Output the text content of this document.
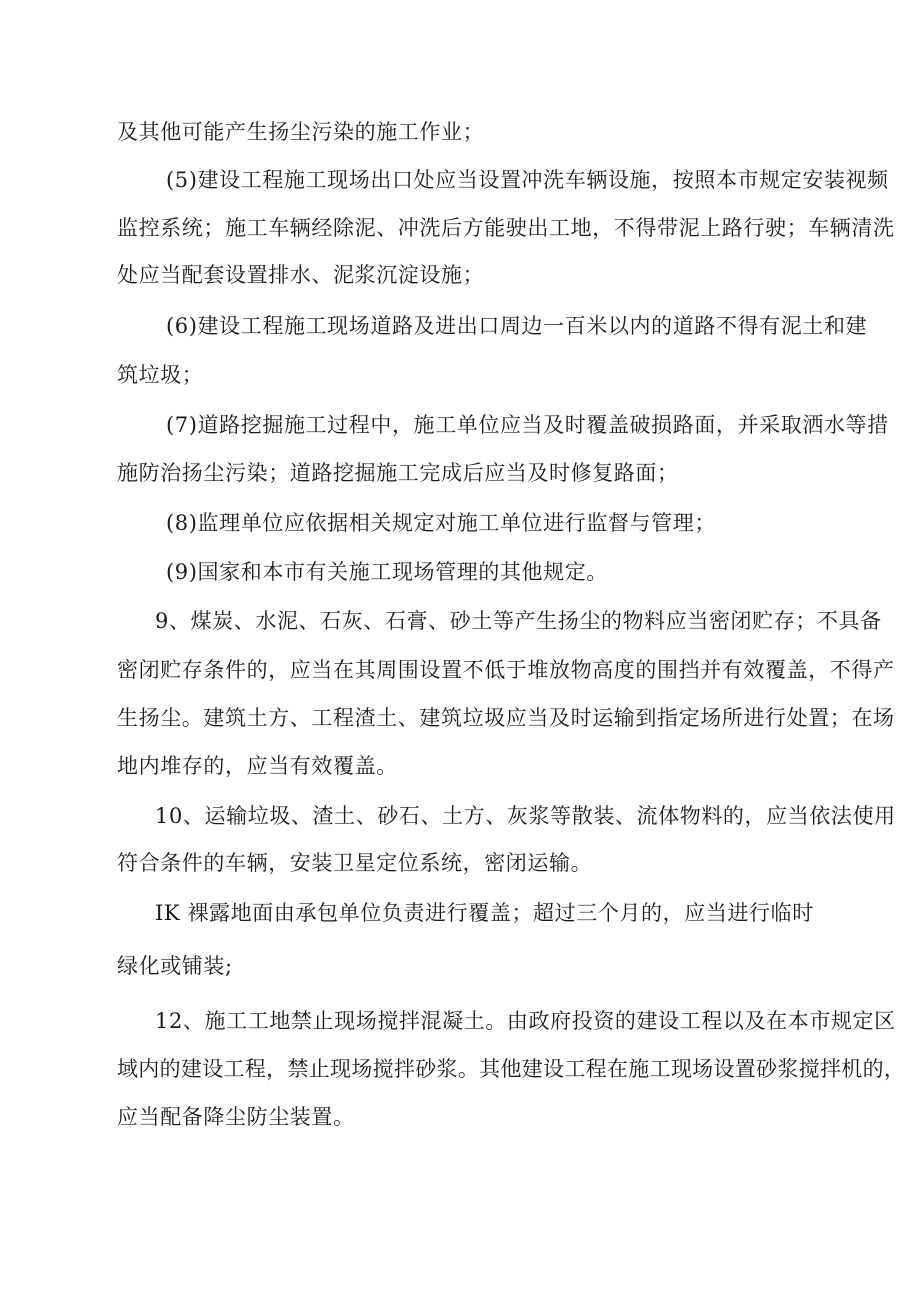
及其他可能产生扬尘污染的施工作业；
(5)建设工程施工现场出口处应当设置冲洗车辆设施，按照本市规定安装视频
监控系统；施工车辆经除泥、冲洗后方能驶出工地，不得带泥上路行驶；车辆清洗
处应当配套设置排水、泥浆沉淀设施；
(6)建设工程施工现场道路及进出口周边一百米以内的道路不得有泥土和建
筑垃圾；
(7)道路挖掘施工过程中，施工单位应当及时覆盖破损路面，并采取洒水等措
施防治扬尘污染；道路挖掘施工完成后应当及时修复路面；
(8)监理单位应依据相关规定对施工单位进行监督与管理；
(9)国家和本市有关施工现场管理的其他规定。
9、煤炭、水泥、石灰、石膏、砂土等产生扬尘的物料应当密闭贮存；不具备
密闭贮存条件的，应当在其周围设置不低于堆放物高度的围挡并有效覆盖，不得产
生扬尘。建筑土方、工程渣土、建筑垃圾应当及时运输到指定场所进行处置；在场
地内堆存的，应当有效覆盖。
10、运输垃圾、渣土、砂石、土方、灰浆等散装、流体物料的，应当依法使用
符合条件的车辆，安装卫星定位系统，密闭运输。
IK 裸露地面由承包单位负责进行覆盖；超过三个月的，应当进行临时
绿化或铺装;
12、施工工地禁止现场搅拌混凝土。由政府投资的建设工程以及在本市规定区
域内的建设工程，禁止现场搅拌砂浆。其他建设工程在施工现场设置砂浆搅拌机的，
应当配备降尘防尘装置。
